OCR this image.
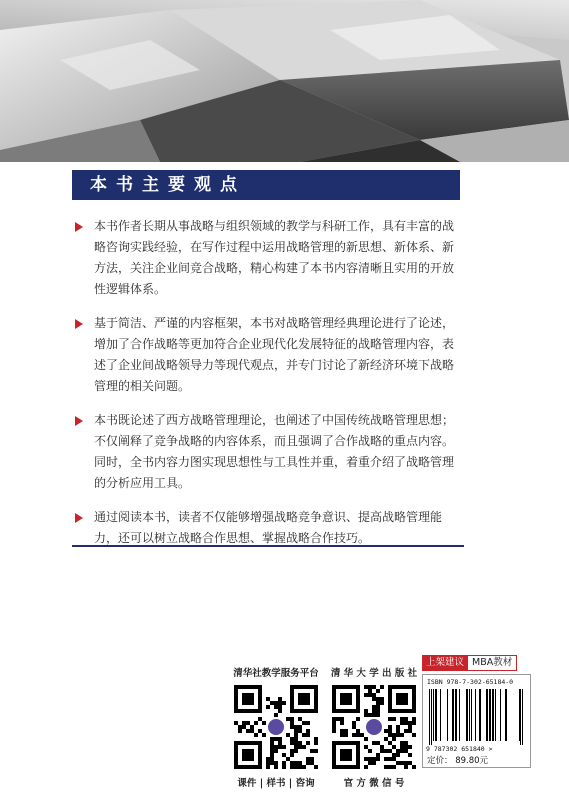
本书主要观点
本书作者长期从事战略与组织领域的教学与科研工作，具有丰富的战略咨询实践经验，在写作过程中运用战略管理的新思想、新体系、新方法，关注企业间竞合战略，精心构建了本书内容清晰且实用的开放性逻辑体系。
基于简洁、严谨的内容框架，本书对战略管理经典理论进行了论述，增加了合作战略等更加符合企业现代化发展特征的战略管理内容，表述了企业间战略领导力等现代观点，并专门讨论了新经济环境下战略管理的相关问题。
本书既论述了西方战略管理理论，也阐述了中国传统战略管理思想；不仅阐释了竞争战略的内容体系，而且强调了合作战略的重点内容。同时，全书内容力图实现思想性与工具性并重，着重介绍了战略管理的分析应用工具。
通过阅读本书，读者不仅能够增强战略竞争意识、提高战略管理能力，还可以树立战略合作思想、掌握战略合作技巧。
清华社教学服务平台
课件 | 样书 | 咨询
清 华 大 学 出 版 社
官 方 微 信 号
上架建议 MBA教材
ISBN 978-7-302-65184-0
9 787302 651840 >
定价： 89.80元
